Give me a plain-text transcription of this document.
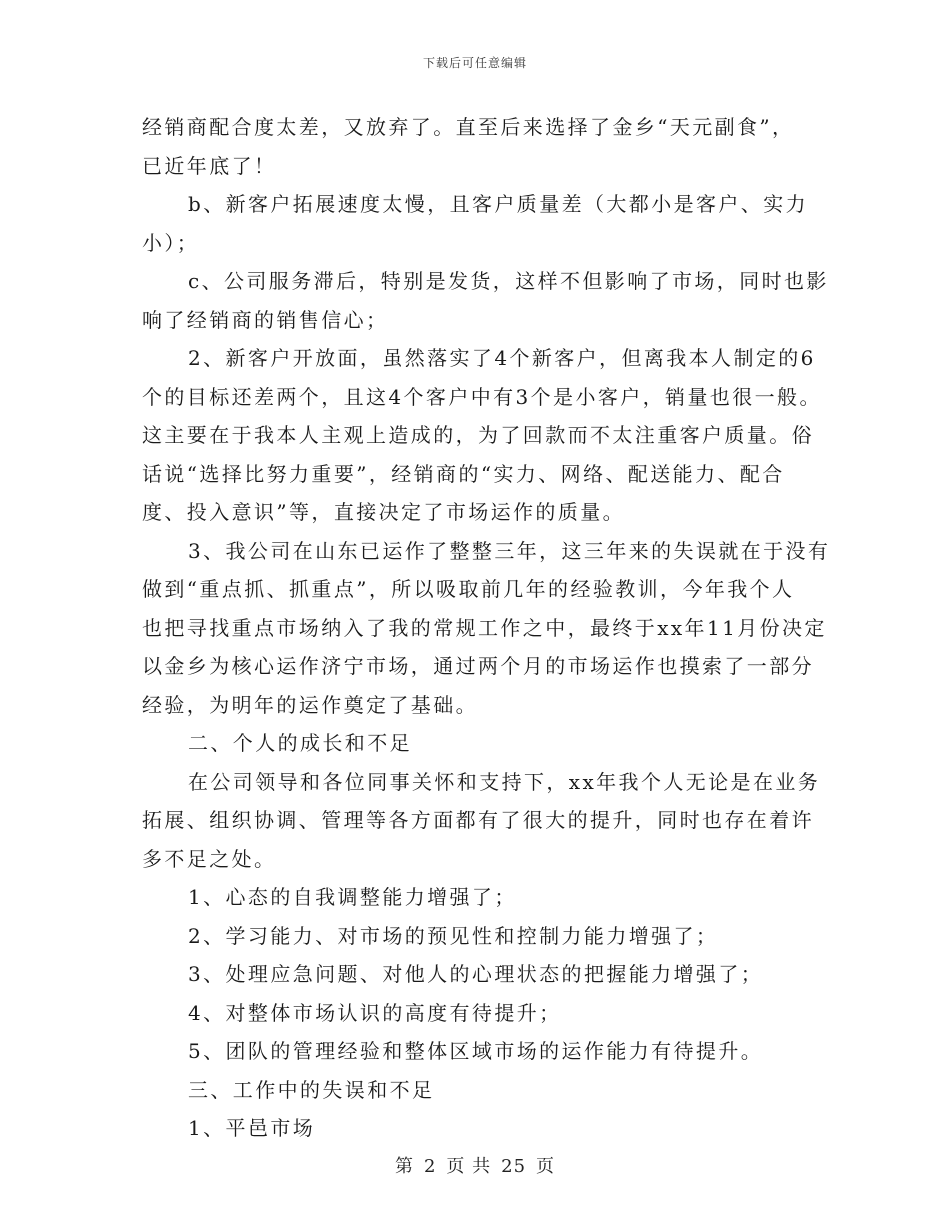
下载后可任意编辑
经销商配合度太差，又放弃了。直至后来选择了金乡“天元副食”，
已近年底了！
b、新客户拓展速度太慢，且客户质量差（大都小是客户、实力
小）；
c、公司服务滞后，特别是发货，这样不但影响了市场，同时也影
响了经销商的销售信心；
2、新客户开放面，虽然落实了4个新客户，但离我本人制定的6
个的目标还差两个，且这4个客户中有3个是小客户，销量也很一般。
这主要在于我本人主观上造成的，为了回款而不太注重客户质量。俗
话说“选择比努力重要”，经销商的“实力、网络、配送能力、配合
度、投入意识”等，直接决定了市场运作的质量。
3、我公司在山东已运作了整整三年，这三年来的失误就在于没有
做到“重点抓、抓重点”，所以吸取前几年的经验教训，今年我个人
也把寻找重点市场纳入了我的常规工作之中，最终于xx年11月份决定
以金乡为核心运作济宁市场，通过两个月的市场运作也摸索了一部分
经验，为明年的运作奠定了基础。
二、个人的成长和不足
在公司领导和各位同事关怀和支持下，xx年我个人无论是在业务
拓展、组织协调、管理等各方面都有了很大的提升，同时也存在着许
多不足之处。
1、心态的自我调整能力增强了；
2、学习能力、对市场的预见性和控制力能力增强了；
3、处理应急问题、对他人的心理状态的把握能力增强了；
4、对整体市场认识的高度有待提升；
5、团队的管理经验和整体区域市场的运作能力有待提升。
三、工作中的失误和不足
1、平邑市场
第 2 页 共 25 页
